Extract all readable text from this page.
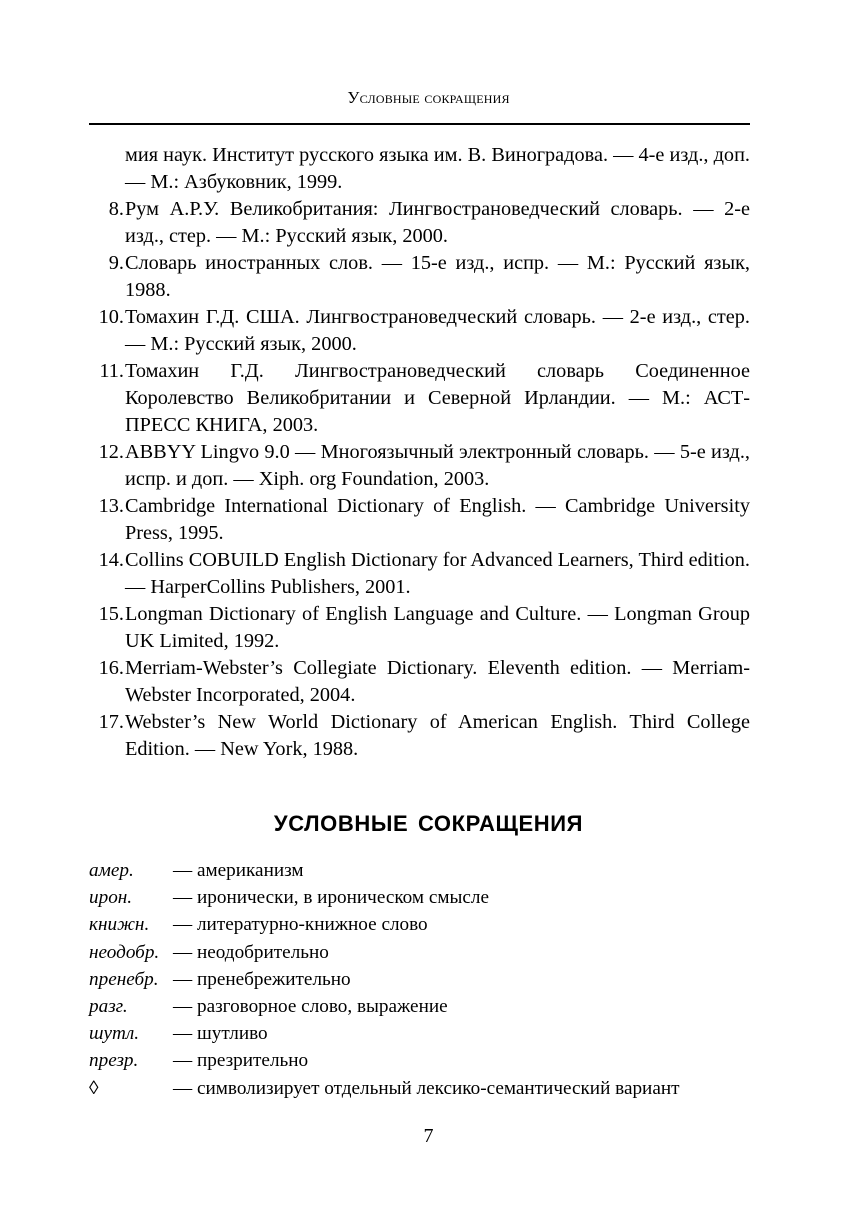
Условные сокращения
мия наук. Институт русского языка им. В. Виноградова. — 4-е изд., доп. — М.: Азбуковник, 1999.
8. Рум А.Р.У. Великобритания: Лингвострановедческий словарь. — 2-е изд., стер. — М.: Русский язык, 2000.
9. Словарь иностранных слов. — 15-е изд., испр. — М.: Русский язык, 1988.
10. Томахин Г.Д. США. Лингвострановедческий словарь. — 2-е изд., стер. — М.: Русский язык, 2000.
11. Томахин Г.Д. Лингвострановедческий словарь Соединенное Королевство Великобритании и Северной Ирландии. — М.: АСТ-ПРЕСС КНИГА, 2003.
12. ABBYY Lingvo 9.0 — Многоязычный электронный словарь. — 5-е изд., испр. и доп. — Xiph. org Foundation, 2003.
13. Cambridge International Dictionary of English. — Cambridge University Press, 1995.
14. Collins COBUILD English Dictionary for Advanced Learners, Third edition. — HarperCollins Publishers, 2001.
15. Longman Dictionary of English Language and Culture. — Longman Group UK Limited, 1992.
16. Merriam-Webster’s Collegiate Dictionary. Eleventh edition. — Merriam-Webster Incorporated, 2004.
17. Webster’s New World Dictionary of American English. Third College Edition. — New York, 1988.
УСЛОВНЫЕ СОКРАЩЕНИЯ
амер.	— американизм
ирон.	— иронически, в ироническом смысле
книжн.	— литературно-книжное слово
неодобр. — неодобрительно
пренебр. — пренебрежительно
разг.	— разговорное слово, выражение
шутл.	— шутливо
презр.	— презрительно
◊	— символизирует отдельный лексико-семантический вариант
7
